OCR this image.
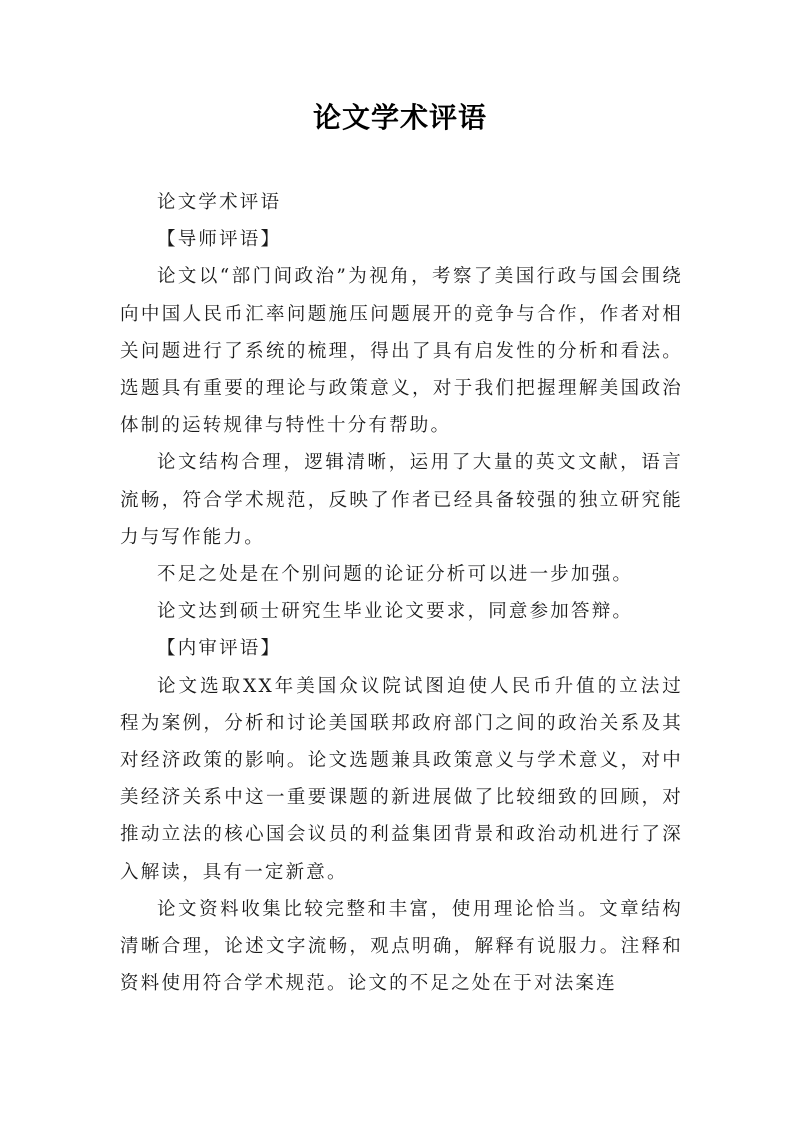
论文学术评语

论文学术评语

【导师评语】

论文以“部门间政治”为视角，考察了美国行政与国会围绕向中国人民币汇率问题施压问题展开的竞争与合作，作者对相关问题进行了系统的梳理，得出了具有启发性的分析和看法。选题具有重要的理论与政策意义，对于我们把握理解美国政治体制的运转规律与特性十分有帮助。

论文结构合理，逻辑清晰，运用了大量的英文文献，语言流畅，符合学术规范，反映了作者已经具备较强的独立研究能力与写作能力。

不足之处是在个别问题的论证分析可以进一步加强。

论文达到硕士研究生毕业论文要求，同意参加答辩。

【内审评语】

论文选取XX年美国众议院试图迫使人民币升值的立法过程为案例，分析和讨论美国联邦政府部门之间的政治关系及其对经济政策的影响。论文选题兼具政策意义与学术意义，对中美经济关系中这一重要课题的新进展做了比较细致的回顾，对推动立法的核心国会议员的利益集团背景和政治动机进行了深入解读，具有一定新意。

论文资料收集比较完整和丰富，使用理论恰当。文章结构清晰合理，论述文字流畅，观点明确，解释有说服力。注释和资料使用符合学术规范。论文的不足之处在于对法案连
